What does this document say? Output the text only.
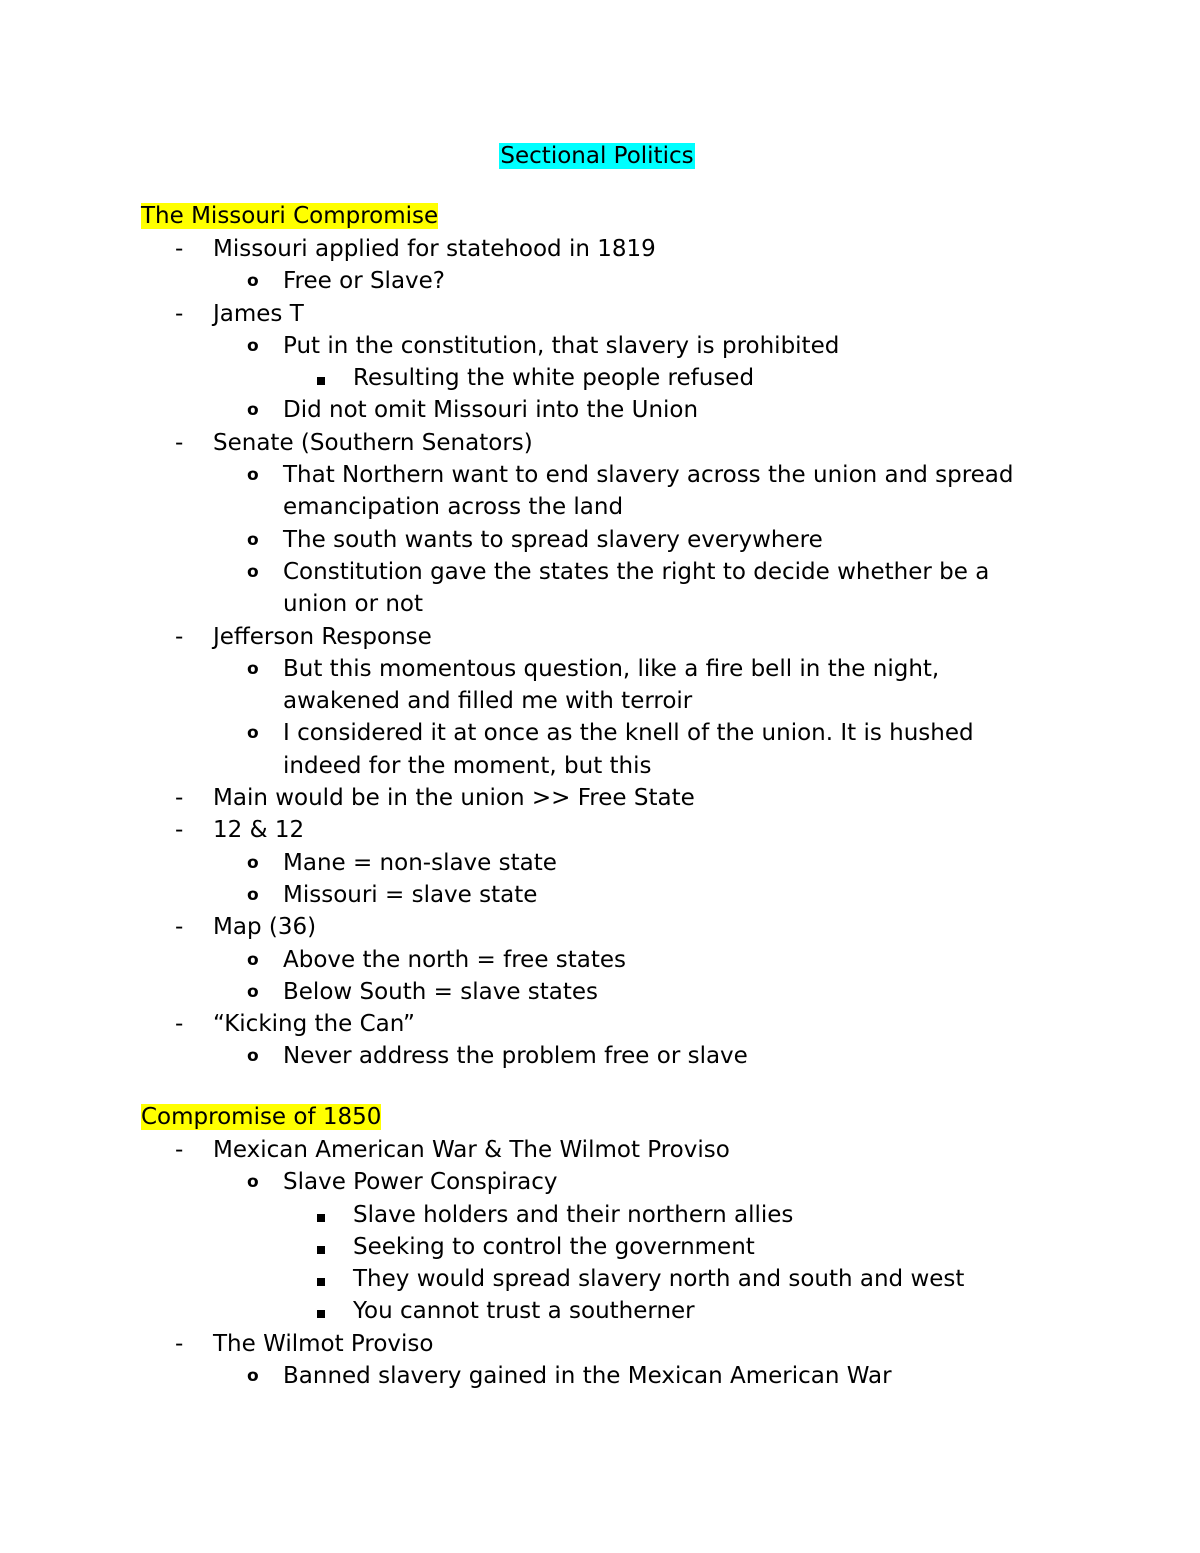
Sectional Politics
The Missouri Compromise
-
Missouri applied for statehood in 1819
o Free or Slave?
-
James T
o Put in the constitution, that slavery is prohibited
Resulting the white people refused
o Did not omit Missouri into the Union
-
Senate (Southern Senators)
o That Northern want to end slavery across the union and spread emancipation across the land
o The south wants to spread slavery everywhere
o Constitution gave the states the right to decide whether be a union or not
-
Jefferson Response
o But this momentous question, like a fire bell in the night, awakened and filled me with terroir
o I considered it at once as the knell of the union. It is hushed indeed for the moment, but this
-
Main would be in the union >> Free State
-
12 & 12
o Mane = non-slave state
o Missouri = slave state
-
Map (36)
o Above the north = free states
o Below South = slave states
-
“Kicking the Can”
o Never address the problem free or slave
Compromise of 1850
-
Mexican American War & The Wilmot Proviso
o Slave Power Conspiracy
Slave holders and their northern allies
Seeking to control the government
They would spread slavery north and south and west
You cannot trust a southerner
-
The Wilmot Proviso
o Banned slavery gained in the Mexican American War
